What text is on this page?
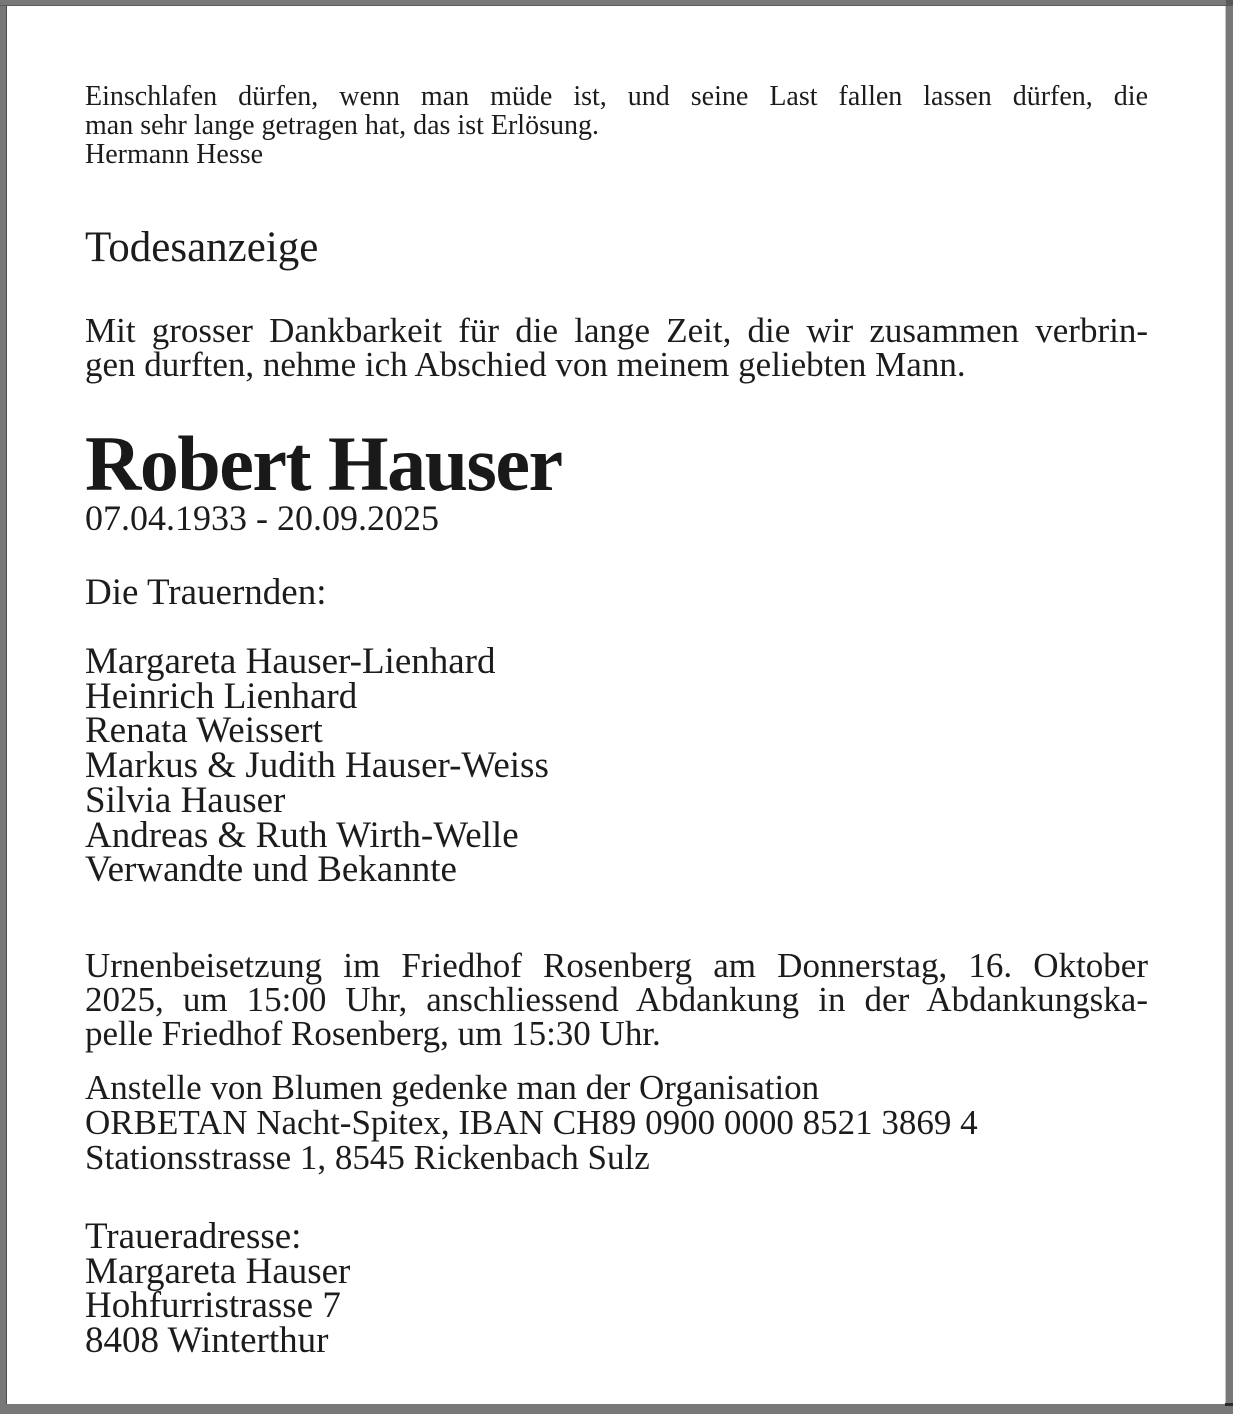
Einschlafen dürfen, wenn man müde ist, und seine Last fallen lassen dürfen, die
man sehr lange getragen hat, das ist Erlösung.
Hermann Hesse
Todesanzeige
Mit grosser Dankbarkeit für die lange Zeit, die wir zusammen verbrin-
gen durften, nehme ich Abschied von meinem geliebten Mann.
Robert Hauser
07.04.1933 - 20.09.2025
Die Trauernden:
Margareta Hauser-Lienhard
Heinrich Lienhard
Renata Weissert
Markus & Judith Hauser-Weiss
Silvia Hauser
Andreas & Ruth Wirth-Welle
Verwandte und Bekannte
Urnenbeisetzung im Friedhof Rosenberg am Donnerstag, 16. Oktober
2025, um 15:00 Uhr, anschliessend Abdankung in der Abdankungska-
pelle Friedhof Rosenberg, um 15:30 Uhr.
Anstelle von Blumen gedenke man der Organisation
ORBETAN Nacht-Spitex, IBAN CH89 0900 0000 8521 3869 4
Stationsstrasse 1, 8545 Rickenbach Sulz
Traueradresse:
Margareta Hauser
Hohfurristrasse 7
8408 Winterthur
